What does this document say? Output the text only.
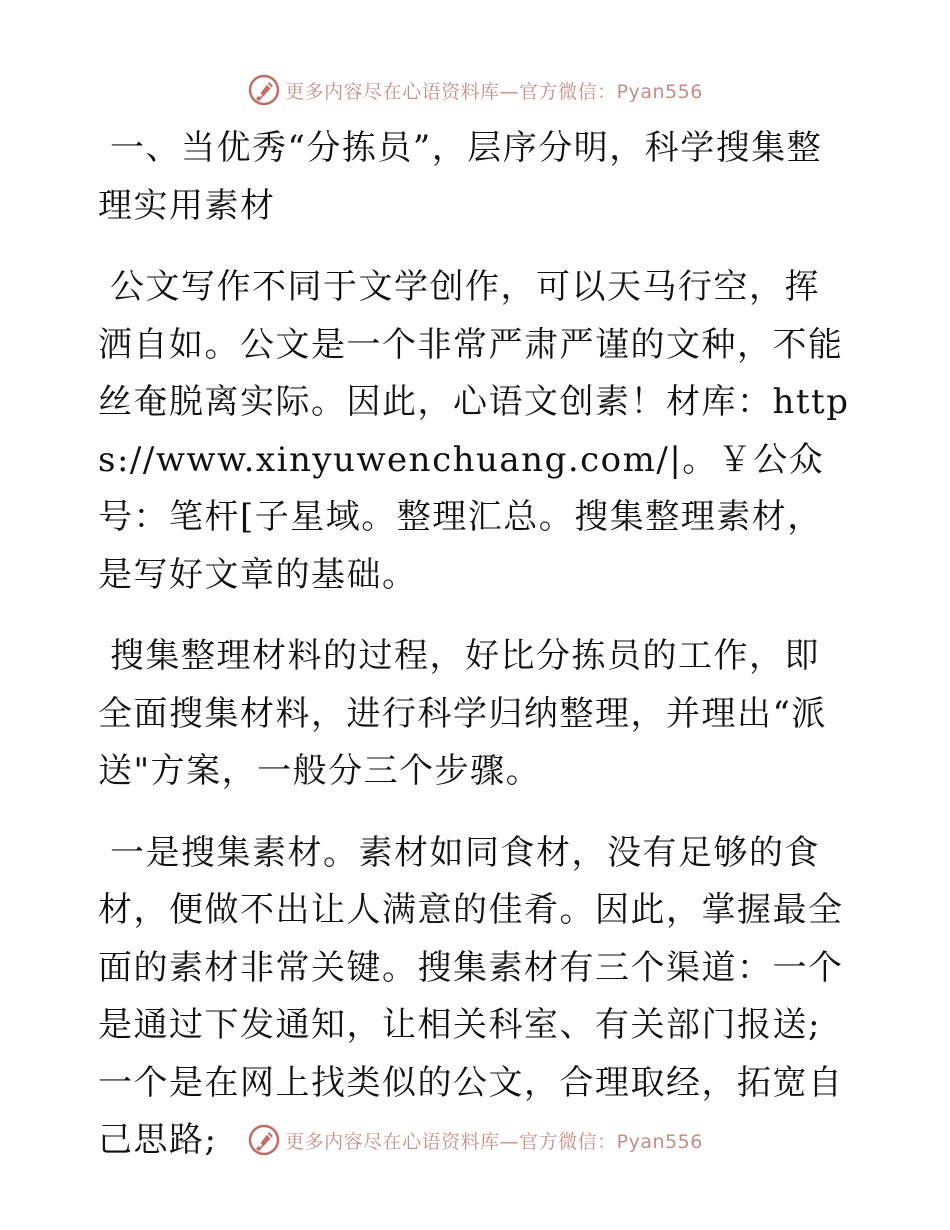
更多内容尽在心语资料库—官方微信：Pyan556

一、当优秀“分拣员”，层序分明，科学搜集整理实用素材

公文写作不同于文学创作，可以天马行空，挥洒自如。公文是一个非常严肃严谨的文种，不能丝奄脱离实际。因此，心语文创素！材库：https://www.xinyuwenchuang.com/|。￥公众号：笔杆[子星域。整理汇总。搜集整理素材，是写好文章的基础。

搜集整理材料的过程，好比分拣员的工作，即全面搜集材料，进行科学归纳整理，并理出“派送"方案，一般分三个步骤。

一是搜集素材。素材如同食材，没有足够的食材，便做不出让人满意的佳肴。因此，掌握最全面的素材非常关键。搜集素材有三个渠道：一个是通过下发通知，让相关科室、有关部门报送;一个是在网上找类似的公文，合理取经，拓宽自己思路;	更多内容尽在心语资料库—官方微信：Pyan556
